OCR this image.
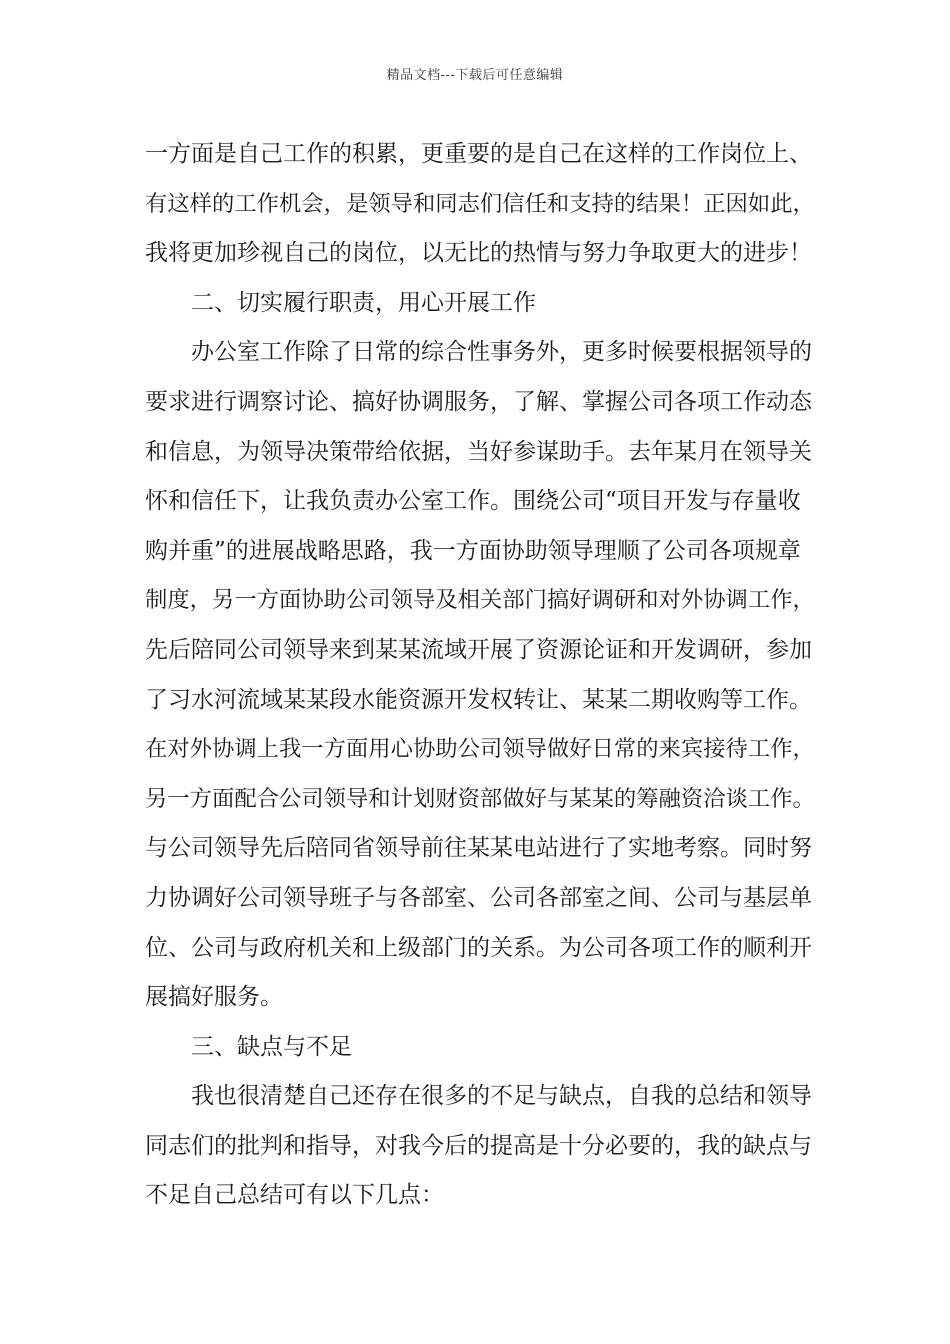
精品文档---下载后可任意编辑
一方面是自己工作的积累，更重要的是自己在这样的工作岗位上、
有这样的工作机会，是领导和同志们信任和支持的结果！正因如此，
我将更加珍视自己的岗位，以无比的热情与努力争取更大的进步！
二、切实履行职责，用心开展工作
办公室工作除了日常的综合性事务外，更多时候要根据领导的
要求进行调察讨论、搞好协调服务，了解、掌握公司各项工作动态
和信息，为领导决策带给依据，当好参谋助手。去年某月在领导关
怀和信任下，让我负责办公室工作。围绕公司“项目开发与存量收
购并重”的进展战略思路，我一方面协助领导理顺了公司各项规章
制度，另一方面协助公司领导及相关部门搞好调研和对外协调工作，
先后陪同公司领导来到某某流域开展了资源论证和开发调研，参加
了习水河流域某某段水能资源开发权转让、某某二期收购等工作。
在对外协调上我一方面用心协助公司领导做好日常的来宾接待工作，
另一方面配合公司领导和计划财资部做好与某某的筹融资洽谈工作。
与公司领导先后陪同省领导前往某某电站进行了实地考察。同时努
力协调好公司领导班子与各部室、公司各部室之间、公司与基层单
位、公司与政府机关和上级部门的关系。为公司各项工作的顺利开
展搞好服务。
三、缺点与不足
我也很清楚自己还存在很多的不足与缺点，自我的总结和领导
同志们的批判和指导，对我今后的提高是十分必要的，我的缺点与
不足自己总结可有以下几点：
